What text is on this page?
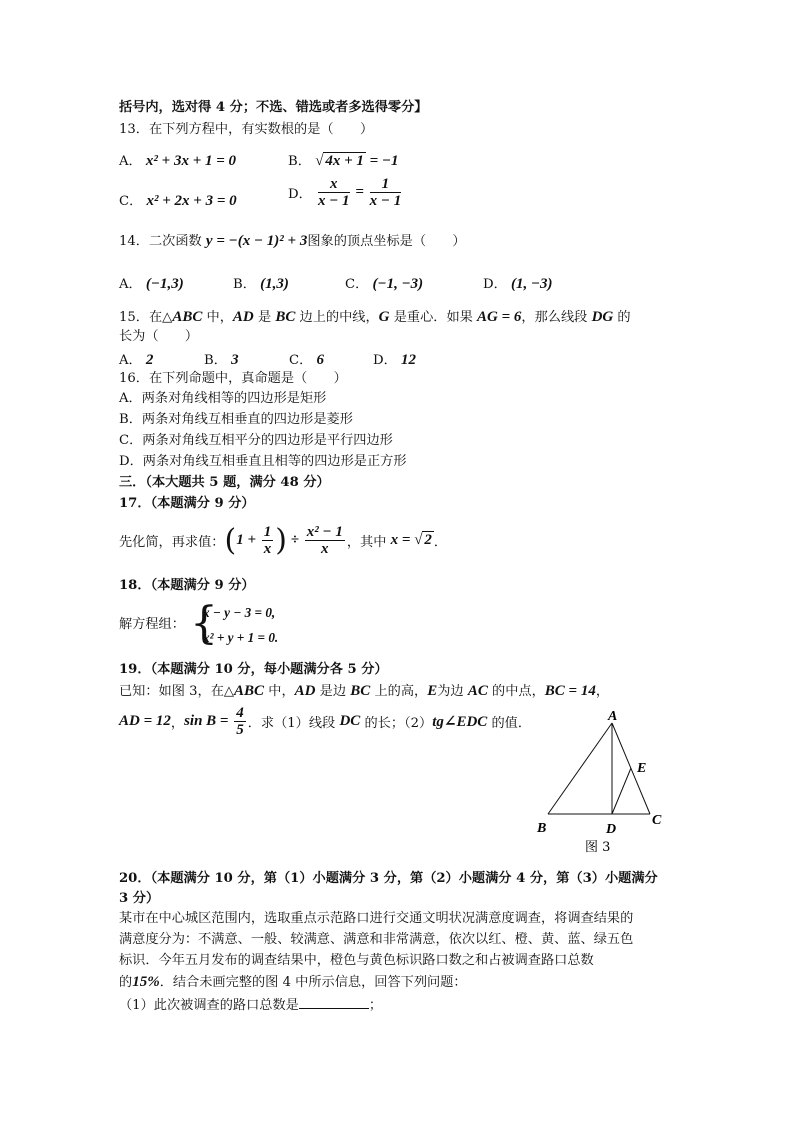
括号内，选对得 4 分；不选、错选或者多选得零分】
13．在下列方程中，有实数根的是（　　）
A． x² + 3x + 1 = 0	B． √ 4x + 1 = −1
C． x² + 2x + 3 = 0	D． $\frac{x}{x - 1} = \frac{1}{x - 1}$
14．二次函数 y = −(x − 1)² + 3图象的顶点坐标是（　　）
A． (−1,3)	B． (1,3)	C． (−1, −3)	D． (1, −3)
15．在△ABC 中，AD 是 BC 边上的中线，G 是重心．如果 AG = 6，那么线段 DG 的
长为（　　）
A． 2	B． 3	C． 6	D． 12
16．在下列命题中，真命题是（　　）
A．两条对角线相等的四边形是矩形
B．两条对角线互相垂直的四边形是菱形
C．两条对角线互相平分的四边形是平行四边形
D．两条对角线互相垂直且相等的四边形是正方形
三．（本大题共 5 题，满分 48 分）
17．（本题满分 9 分）
先化简，再求值：($1 + \frac{1}{x}$ ) ÷ $\frac{\text{x² − 1}}{x}$ ，其中 x = √ 2 ．
18．（本题满分 9 分）
解方程组： {
x − y − 3 = 0,
x² + y + 1 = 0.
19．（本题满分 10 分，每小题满分各 5 分）
已知：如图 3，在△ABC 中，AD 是边 BC 上的高，E为边 AC 的中点，BC = 14，
AD = 12，$\sin B = \frac{4}{5}$ ．求（1）线段 DC 的长；（2）tg∠EDC 的值．	A
B
C
D
E
图 3
20．（本题满分 10 分，第（1）小题满分 3 分，第（2）小题满分 4 分，第（3）小题满分
3 分）
某市在中心城区范围内，选取重点示范路口进行交通文明状况满意度调查，将调查结果的
满意度分为：不满意、一般、较满意、满意和非常满意，依次以红、橙、黄、蓝、绿五色
标识．今年五月发布的调查结果中，橙色与黄色标识路口数之和占被调查路口总数
的15%．结合未画完整的图 4 中所示信息，回答下列问题：
（1）此次被调查的路口总数是	；
